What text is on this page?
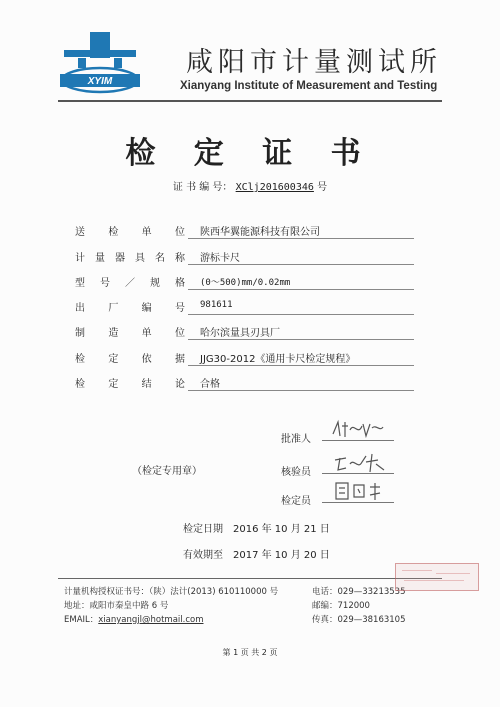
XYIM
咸阳市计量测试所
Xianyang Institute of Measurement and Testing
检 定 证 书
证 书 编 号： XClj201600346 号
送 检 单 位 陕西华翼能源科技有限公司
计 量 器 具 名 称 游标卡尺
型 号 ／ 规 格 (0～500)mm/0.02mm
出 厂 编 号 981611
制 造 单 位 哈尔滨量具刃具厂
检 定 依 据 JJG30-2012《通用卡尺检定规程》
检 定 结 论 合格
批准人
（检定专用章）	核验员
检定员
检定日期 2016 年 10 月 21 日
有效期至 2017 年 10 月 20 日
计量机构授权证书号：（陕）法计(2013) 610110000 号
地址：咸阳市秦皇中路 6 号
EMAIL：xianyangjl@hotmail.com
电话：029—33213535
邮编：712000
传真：029—38163105
第 1 页 共 2 页
